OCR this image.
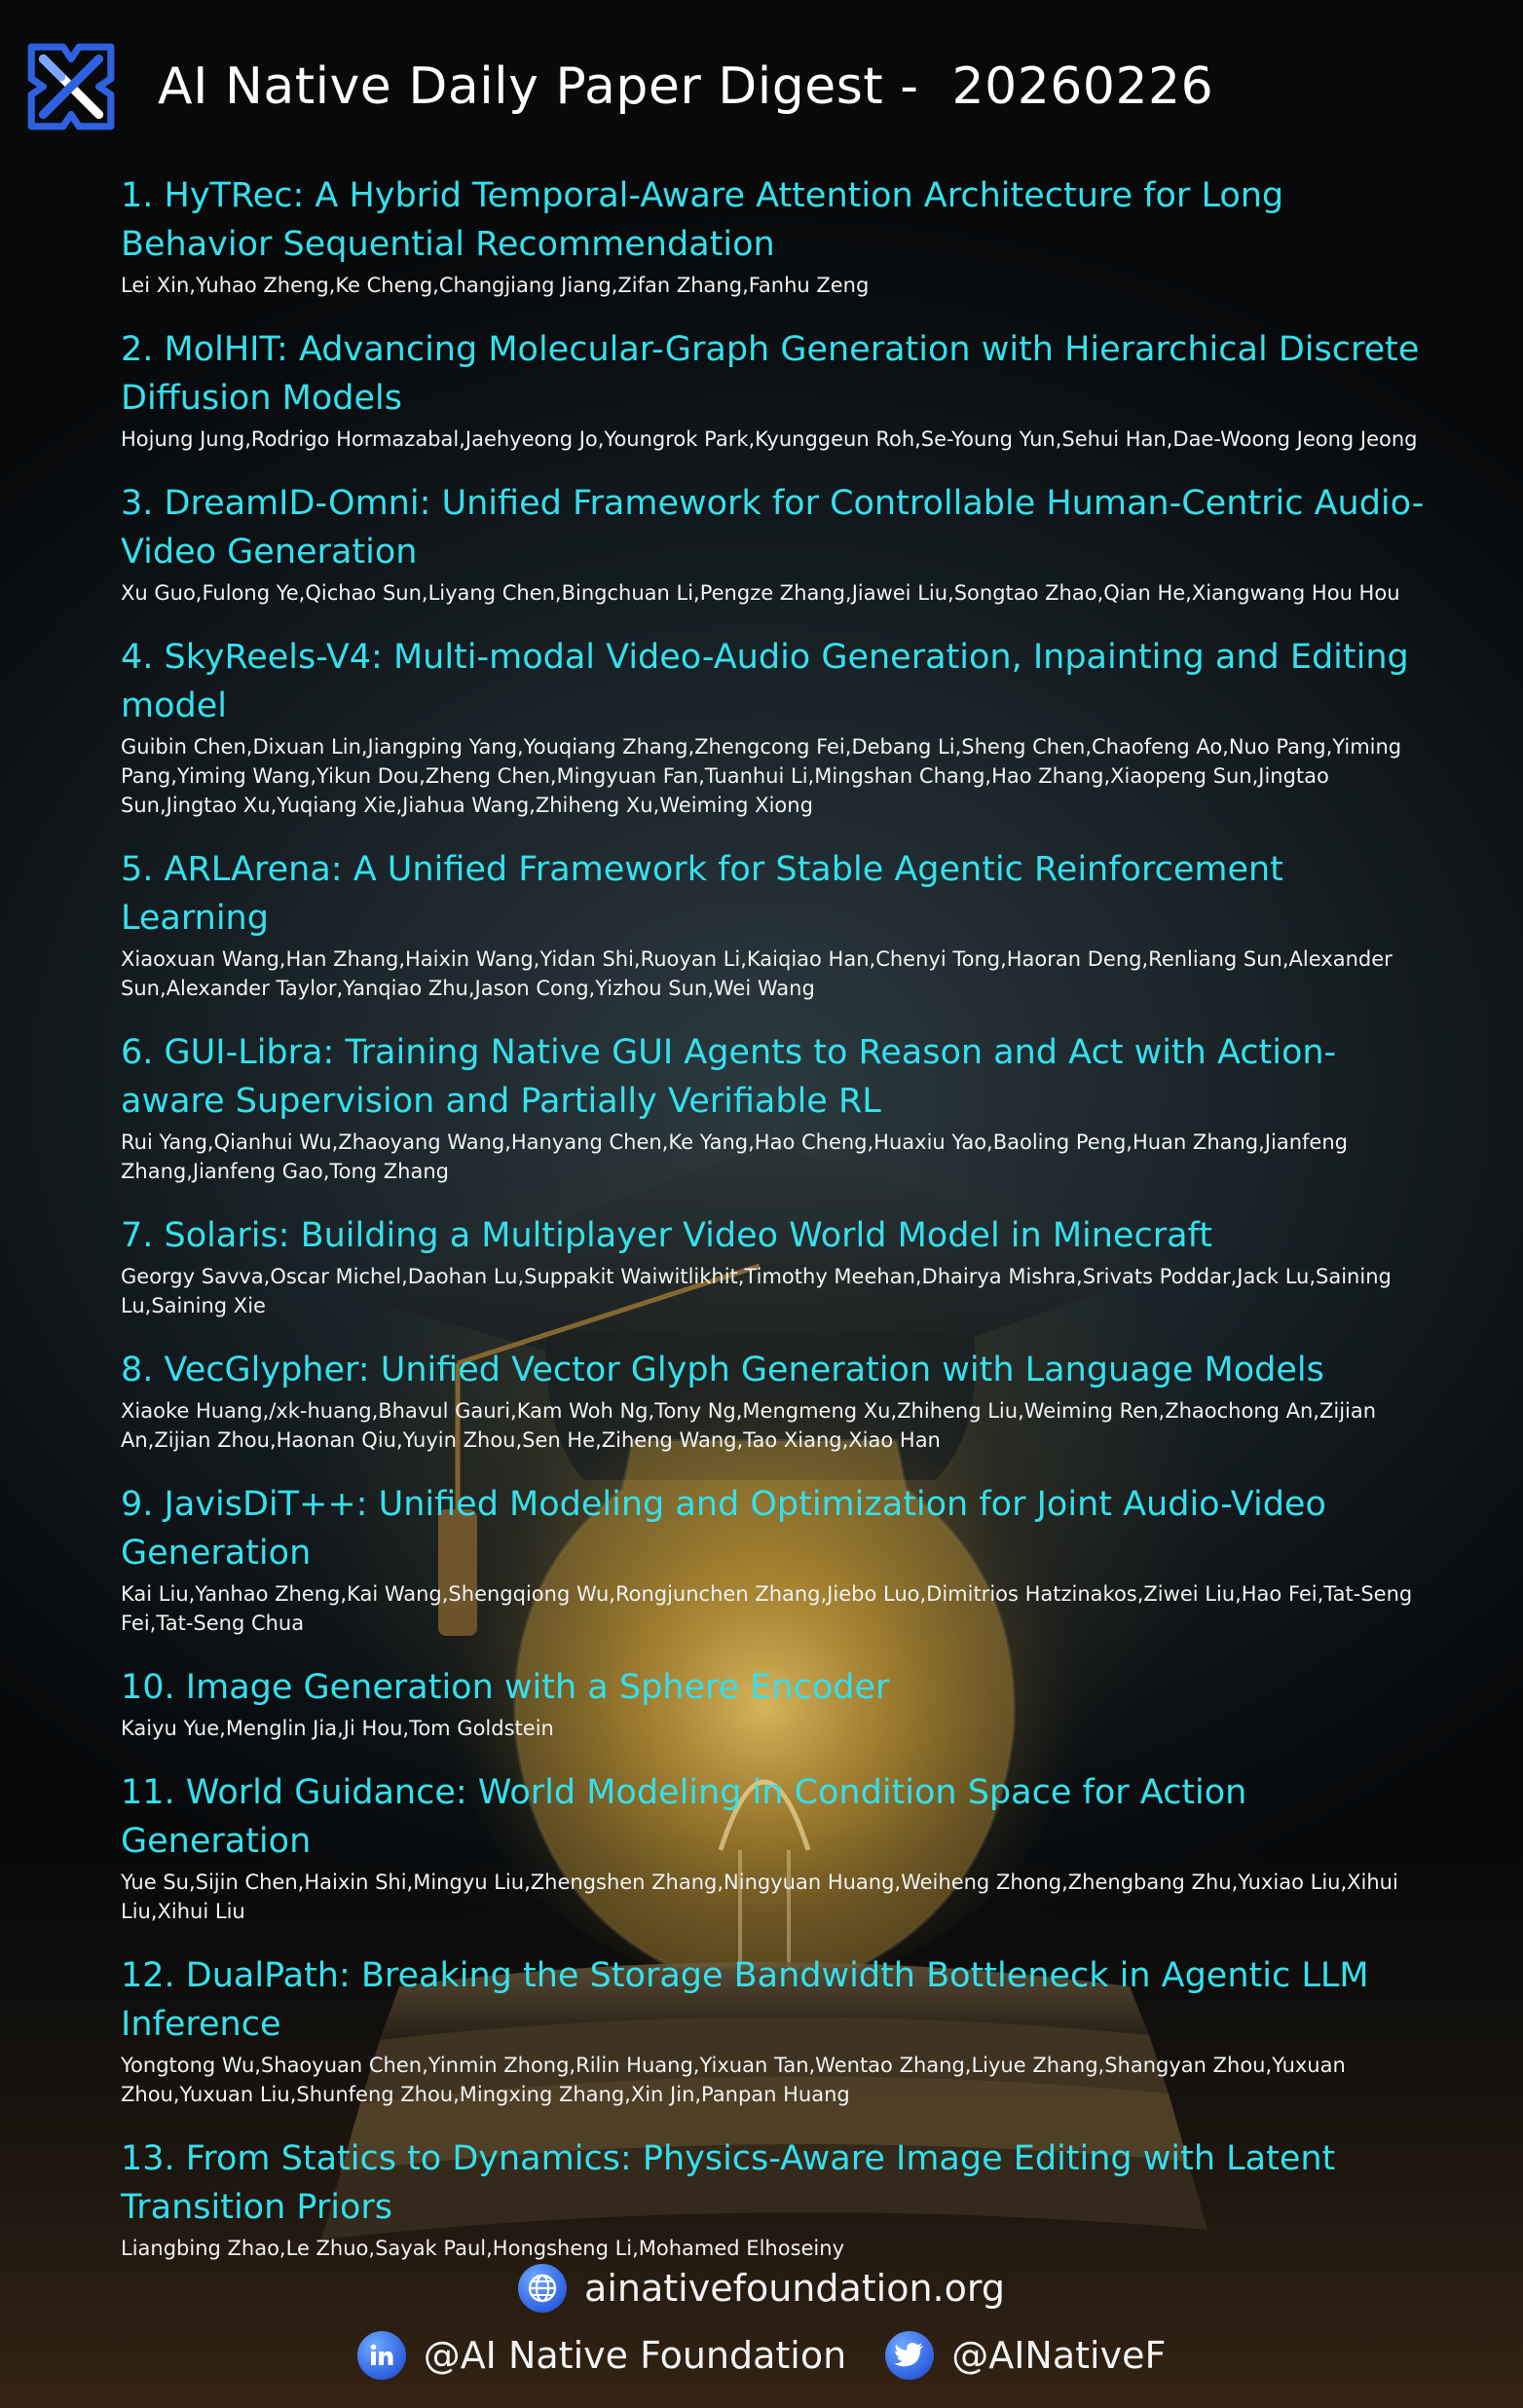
AI Native Daily Paper Digest -  20260226
1. HyTRec: A Hybrid Temporal-Aware Attention Architecture for Long Behavior Sequential Recommendation
Lei Xin,Yuhao Zheng,Ke Cheng,Changjiang Jiang,Zifan Zhang,Fanhu Zeng
2. MolHIT: Advancing Molecular-Graph Generation with Hierarchical Discrete Diffusion Models
Hojung Jung,Rodrigo Hormazabal,Jaehyeong Jo,Youngrok Park,Kyunggeun Roh,Se-Young Yun,Sehui Han,Dae-Woong Jeong Jeong
3. DreamID-Omni: Unified Framework for Controllable Human-Centric Audio-Video Generation
Xu Guo,Fulong Ye,Qichao Sun,Liyang Chen,Bingchuan Li,Pengze Zhang,Jiawei Liu,Songtao Zhao,Qian He,Xiangwang Hou Hou
4. SkyReels-V4: Multi-modal Video-Audio Generation, Inpainting and Editing model
Guibin Chen,Dixuan Lin,Jiangping Yang,Youqiang Zhang,Zhengcong Fei,Debang Li,Sheng Chen,Chaofeng Ao,Nuo Pang,Yiming Pang,Yiming Wang,Yikun Dou,Zheng Chen,Mingyuan Fan,Tuanhui Li,Mingshan Chang,Hao Zhang,Xiaopeng Sun,Jingtao Sun,Jingtao Xu,Yuqiang Xie,Jiahua Wang,Zhiheng Xu,Weiming Xiong
5. ARLArena: A Unified Framework for Stable Agentic Reinforcement Learning
Xiaoxuan Wang,Han Zhang,Haixin Wang,Yidan Shi,Ruoyan Li,Kaiqiao Han,Chenyi Tong,Haoran Deng,Renliang Sun,Alexander Sun,Alexander Taylor,Yanqiao Zhu,Jason Cong,Yizhou Sun,Wei Wang
6. GUI-Libra: Training Native GUI Agents to Reason and Act with Action-aware Supervision and Partially Verifiable RL
Rui Yang,Qianhui Wu,Zhaoyang Wang,Hanyang Chen,Ke Yang,Hao Cheng,Huaxiu Yao,Baoling Peng,Huan Zhang,Jianfeng Zhang,Jianfeng Gao,Tong Zhang
7. Solaris: Building a Multiplayer Video World Model in Minecraft
Georgy Savva,Oscar Michel,Daohan Lu,Suppakit Waiwitlikhit,Timothy Meehan,Dhairya Mishra,Srivats Poddar,Jack Lu,Saining Lu,Saining Xie
8. VecGlypher: Unified Vector Glyph Generation with Language Models
Xiaoke Huang,/xk-huang,Bhavul Gauri,Kam Woh Ng,Tony Ng,Mengmeng Xu,Zhiheng Liu,Weiming Ren,Zhaochong An,Zijian An,Zijian Zhou,Haonan Qiu,Yuyin Zhou,Sen He,Ziheng Wang,Tao Xiang,Xiao Han
9. JavisDiT++: Unified Modeling and Optimization for Joint Audio-Video Generation
Kai Liu,Yanhao Zheng,Kai Wang,Shengqiong Wu,Rongjunchen Zhang,Jiebo Luo,Dimitrios Hatzinakos,Ziwei Liu,Hao Fei,Tat-Seng Fei,Tat-Seng Chua
10. Image Generation with a Sphere Encoder
Kaiyu Yue,Menglin Jia,Ji Hou,Tom Goldstein
11. World Guidance: World Modeling in Condition Space for Action Generation
Yue Su,Sijin Chen,Haixin Shi,Mingyu Liu,Zhengshen Zhang,Ningyuan Huang,Weiheng Zhong,Zhengbang Zhu,Yuxiao Liu,Xihui Liu,Xihui Liu
12. DualPath: Breaking the Storage Bandwidth Bottleneck in Agentic LLM Inference
Yongtong Wu,Shaoyuan Chen,Yinmin Zhong,Rilin Huang,Yixuan Tan,Wentao Zhang,Liyue Zhang,Shangyan Zhou,Yuxuan Zhou,Yuxuan Liu,Shunfeng Zhou,Mingxing Zhang,Xin Jin,Panpan Huang
13. From Statics to Dynamics: Physics-Aware Image Editing with Latent Transition Priors
Liangbing Zhao,Le Zhuo,Sayak Paul,Hongsheng Li,Mohamed Elhoseiny
ainativefoundation.org
@AI Native Foundation	@AINativeF
